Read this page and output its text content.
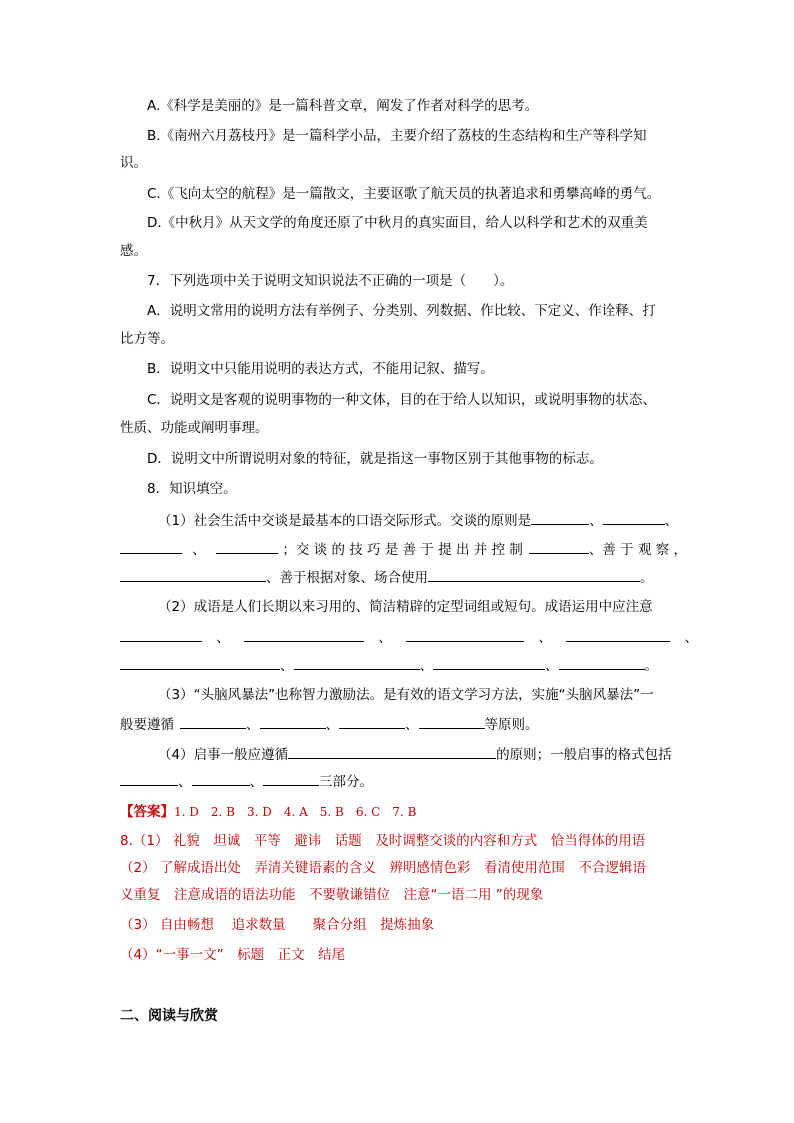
A.《科学是美丽的》是一篇科普文章，阐发了作者对科学的思考。
B.《南州六月荔枝丹》是一篇科学小品，主要介绍了荔枝的生态结构和生产等科学知
识。
C.《飞向太空的航程》是一篇散文，主要讴歌了航天员的执著追求和勇攀高峰的勇气。
D.《中秋月》从天文学的角度还原了中秋月的真实面目，给人以科学和艺术的双重美
感。
7．下列选项中关于说明文知识说法不正确的一项是（　　）。
A．说明文常用的说明方法有举例子、分类别、列数据、作比较、下定义、作诠释、打
比方等。
B．说明文中只能用说明的表达方式，不能用记叙、描写。
C．说明文是客观的说明事物的一种文体，目的在于给人以知识，或说明事物的状态、
性质、功能或阐明事理。
D．说明文中所谓说明对象的特征，就是指这一事物区别于其他事物的标志。
8．知识填空。
（1）社会生活中交谈是最基本的口语交际形式。交谈的原则是	、	、
、	；交 谈 的 技 巧 是 善 于 提 出 并 控 制	、善 于 观 察 ，
、善于根据对象、场合使用	。
（2）成语是人们长期以来习用的、简洁精辟的定型词组或短句。成语运用中应注意
、	、	、	、
、	、	、	。
（3）“头脑风暴法”也称智力激励法。是有效的语文学习方法，实施“头脑风暴法”一
般要遵循	、	、	、	等原则。
（4）启事一般应遵循	的原则；一般启事的格式包括
、	、	三部分。
【答案】1. D　2. B　3. D　4. A　5. B　6. C　7. B
8.（1） 礼貌　坦诚　平等　避讳　话题　及时调整交谈的内容和方式　恰当得体的用语
（2） 了解成语出处　弄清关键语素的含义　辨明感情色彩　看清使用范围　不合逻辑语
义重复　注意成语的语法功能　不要敬谦错位　注意“一语二用 ”的现象
（3） 自由畅想　 追求数量　　聚合分组　提炼抽象
（4）“一事一文”　标题　正文　结尾
二、阅读与欣赏
